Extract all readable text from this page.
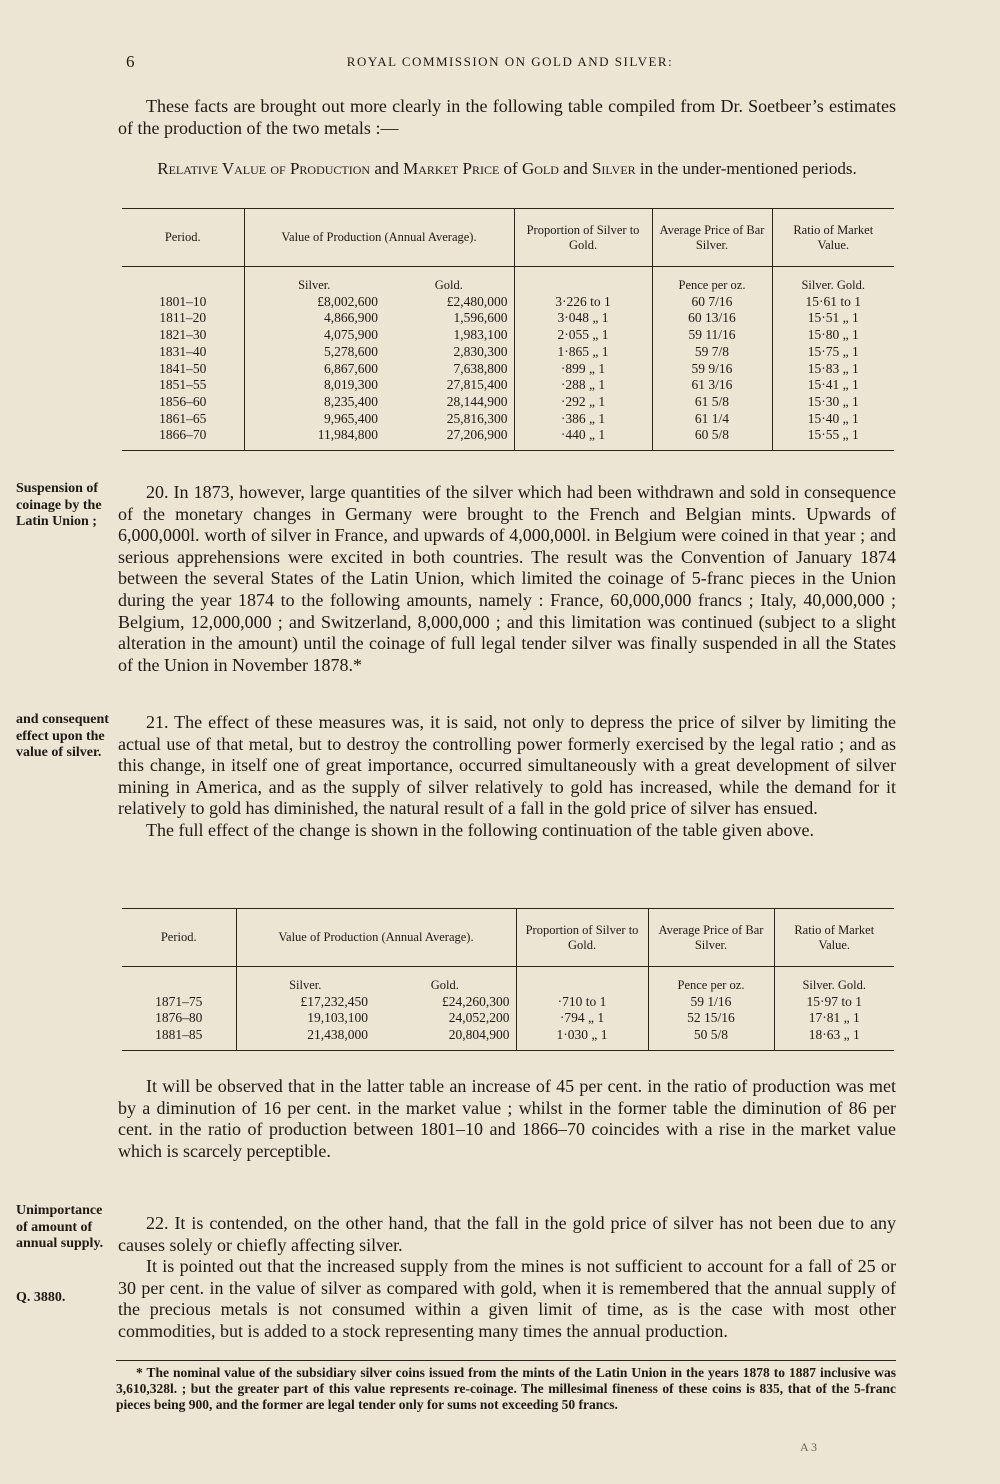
6	ROYAL COMMISSION ON GOLD AND SILVER:

These facts are brought out more clearly in the following table compiled from Dr. Soetbeer’s estimates of the production of the two metals :—

Relative Value of Production and Market Price of Gold and Silver in the under-mentioned periods.
Period.	Value of Production (Annual Average).		Proportion of Silver to Gold.	Average Price of Bar Silver.	Ratio of Market Value.
	Silver.	Gold.		Pence per oz.	Silver. Gold.
1801–10	£8,002,600	£2,480,000	3·226 to 1	60 7/16	15·61 to 1
1811–20	4,866,900	1,596,600	3·048 „ 1	60 13/16	15·51 „ 1
1821–30	4,075,900	1,983,100	2·055 „ 1	59 11/16	15·80 „ 1
1831–40	5,278,600	2,830,300	1·865 „ 1	59 7/8	15·75 „ 1
1841–50	6,867,600	7,638,800	·899 „ 1	59 9/16	15·83 „ 1
1851–55	8,019,300	27,815,400	·288 „ 1	61 3/16	15·41 „ 1
1856–60	8,235,400	28,144,900	·292 „ 1	61 5/8	15·30 „ 1
1861–65	9,965,400	25,816,300	·386 „ 1	61 1/4	15·40 „ 1
1866–70	11,984,800	27,206,900	·440 „ 1	60 5/8	15·55 „ 1
Suspension of coinage by the Latin Union ;

20. In 1873, however, large quantities of the silver which had been withdrawn and sold in consequence of the monetary changes in Germany were brought to the French and Belgian mints. Upwards of 6,000,000l. worth of silver in France, and upwards of 4,000,000l. in Belgium were coined in that year ; and serious apprehensions were excited in both countries. The result was the Convention of January 1874 between the several States of the Latin Union, which limited the coinage of 5-franc pieces in the Union during the year 1874 to the following amounts, namely : France, 60,000,000 francs ; Italy, 40,000,000 ; Belgium, 12,000,000 ; and Switzerland, 8,000,000 ; and this limitation was continued (subject to a slight alteration in the amount) until the coinage of full legal tender silver was finally suspended in all the States of the Union in November 1878.*

and consequent effect upon the value of silver.

21. The effect of these measures was, it is said, not only to depress the price of silver by limiting the actual use of that metal, but to destroy the controlling power formerly exercised by the legal ratio ; and as this change, in itself one of great importance, occurred simultaneously with a great development of silver mining in America, and as the supply of silver relatively to gold has increased, while the demand for it relatively to gold has diminished, the natural result of a fall in the gold price of silver has ensued.

The full effect of the change is shown in the following continuation of the table given above.

Period.	Value of Production (Annual Average).		Proportion of Silver to Gold.	Average Price of Bar Silver.	Ratio of Market Value.
	Silver.	Gold.		Pence per oz.	Silver. Gold.
1871–75	£17,232,450	£24,260,300	·710 to 1	59 1/16	15·97 to 1
1876–80	19,103,100	24,052,200	·794 „ 1	52 15/16	17·81 „ 1
1881–85	21,438,000	20,804,900	1·030 „ 1	50 5/8	18·63 „ 1

It will be observed that in the latter table an increase of 45 per cent. in the ratio of production was met by a diminution of 16 per cent. in the market value ; whilst in the former table the diminution of 86 per cent. in the ratio of production between 1801–10 and 1866–70 coincides with a rise in the market value which is scarcely perceptible.

Unimportance of amount of annual supply.
Q. 3880.

22. It is contended, on the other hand, that the fall in the gold price of silver has not been due to any causes solely or chiefly affecting silver.

It is pointed out that the increased supply from the mines is not sufficient to account for a fall of 25 or 30 per cent. in the value of silver as compared with gold, when it is remembered that the annual supply of the precious metals is not consumed within a given limit of time, as is the case with most other commodities, but is added to a stock representing many times the annual production.

* The nominal value of the subsidiary silver coins issued from the mints of the Latin Union in the years 1878 to 1887 inclusive was 3,610,328l. ; but the greater part of this value represents re-coinage. The millesimal fineness of these coins is 835, that of the 5-franc pieces being 900, and the former are legal tender only for sums not exceeding 50 francs.

A 3
